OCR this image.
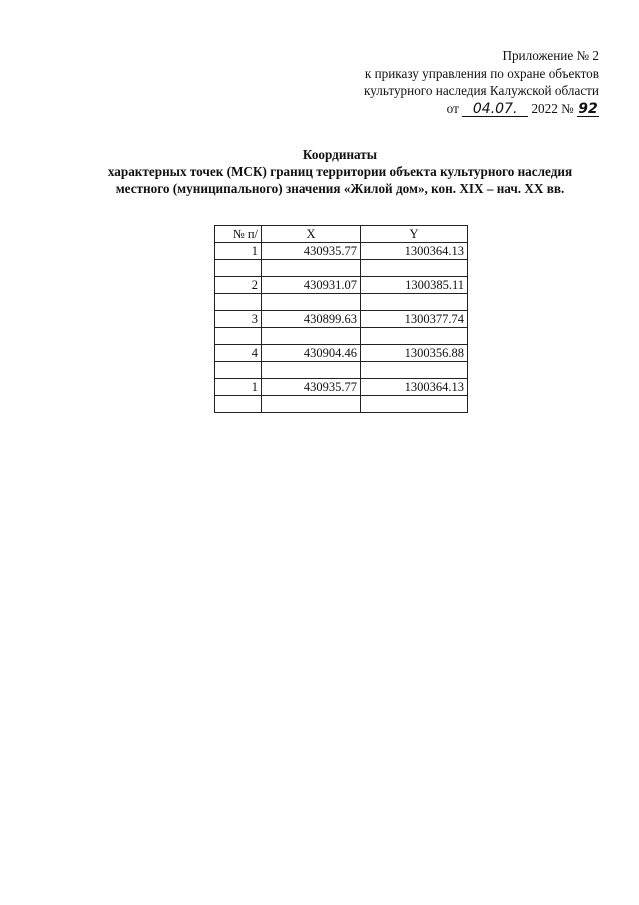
Приложение № 2
к приказу управления по охране объектов
культурного наследия Калужской области
от 04.07. 2022 № 92
Координаты
характерных точек (МСК) границ территории объекта культурного наследия
местного (муниципального) значения «Жилой дом», кон. XIX – нач. XX вв.
№ п/	X	Y
1	430935.77	1300364.13

2	430931.07	1300385.11

3	430899.63	1300377.74

4	430904.46	1300356.88

1	430935.77	1300364.13
